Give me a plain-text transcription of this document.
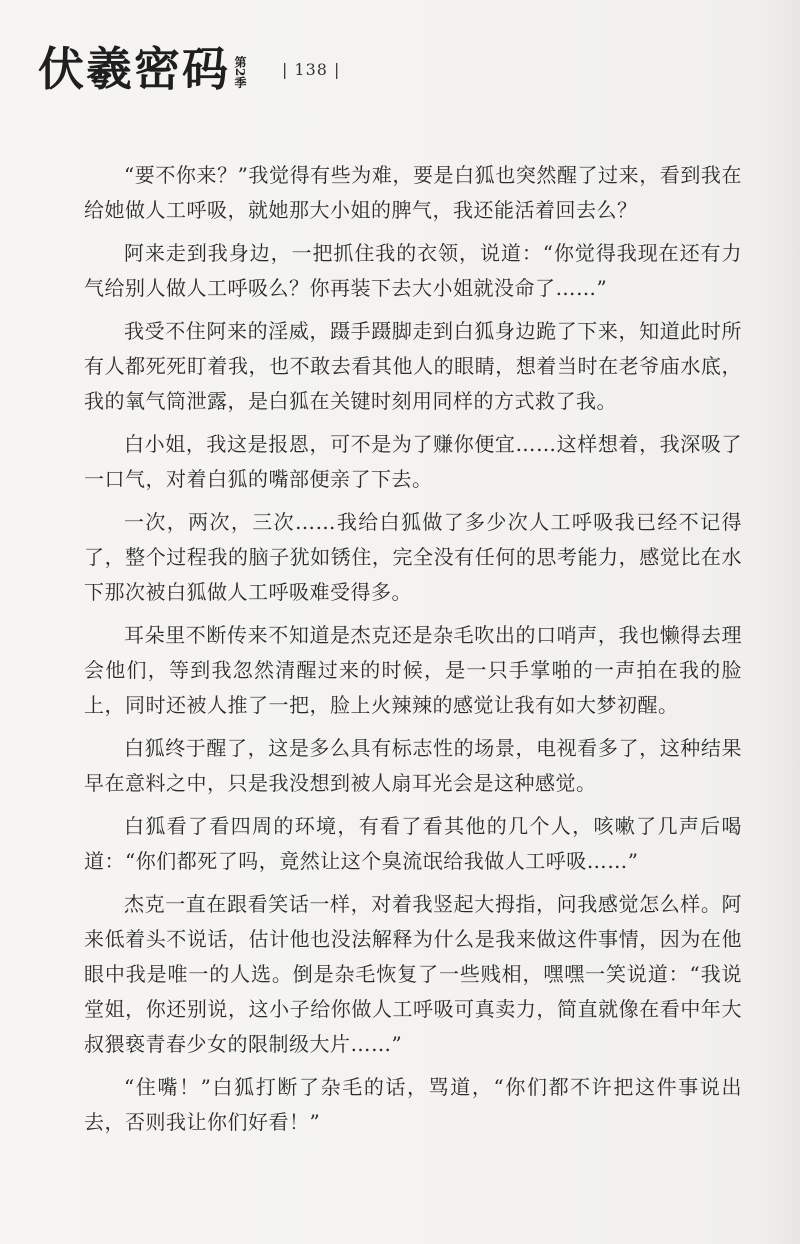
伏羲密码 第2季	| 138 |

“要不你来？”我觉得有些为难，要是白狐也突然醒了过来，看到我在给她做人工呼吸，就她那大小姐的脾气，我还能活着回去么？

阿来走到我身边，一把抓住我的衣领，说道：“你觉得我现在还有力气给别人做人工呼吸么？你再装下去大小姐就没命了……”

我受不住阿来的淫威，蹑手蹑脚走到白狐身边跪了下来，知道此时所有人都死死盯着我，也不敢去看其他人的眼睛，想着当时在老爷庙水底，我的氧气筒泄露，是白狐在关键时刻用同样的方式救了我。

白小姐，我这是报恩，可不是为了赚你便宜……这样想着，我深吸了一口气，对着白狐的嘴部便亲了下去。

一次，两次，三次……我给白狐做了多少次人工呼吸我已经不记得了，整个过程我的脑子犹如锈住，完全没有任何的思考能力，感觉比在水下那次被白狐做人工呼吸难受得多。

耳朵里不断传来不知道是杰克还是杂毛吹出的口哨声，我也懒得去理会他们，等到我忽然清醒过来的时候，是一只手掌啪的一声拍在我的脸上，同时还被人推了一把，脸上火辣辣的感觉让我有如大梦初醒。

白狐终于醒了，这是多么具有标志性的场景，电视看多了，这种结果早在意料之中，只是我没想到被人扇耳光会是这种感觉。

白狐看了看四周的环境，有看了看其他的几个人，咳嗽了几声后喝道：“你们都死了吗，竟然让这个臭流氓给我做人工呼吸……”

杰克一直在跟看笑话一样，对着我竖起大拇指，问我感觉怎么样。阿来低着头不说话，估计他也没法解释为什么是我来做这件事情，因为在他眼中我是唯一的人选。倒是杂毛恢复了一些贱相，嘿嘿一笑说道：“我说堂姐，你还别说，这小子给你做人工呼吸可真卖力，简直就像在看中年大叔猥亵青春少女的限制级大片……”

“住嘴！”白狐打断了杂毛的话，骂道，“你们都不许把这件事说出去，否则我让你们好看！”
